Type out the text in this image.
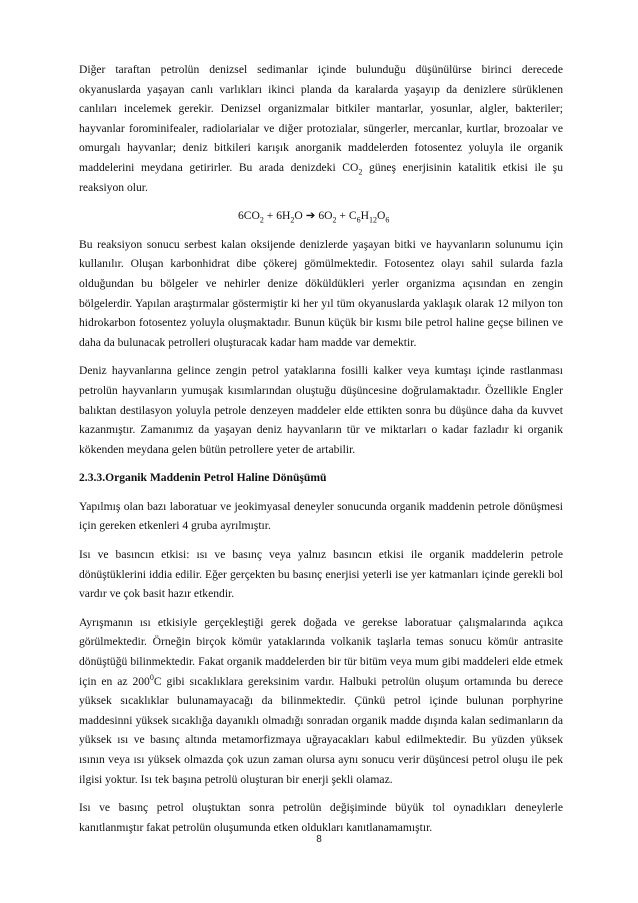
Diğer taraftan petrolün denizsel sedimanlar içinde bulunduğu düşünülürse birinci derecede okyanuslarda yaşayan canlı varlıkları ikinci planda da karalarda yaşayıp da denizlere sürüklenen canlıları incelemek gerekir. Denizsel organizmalar bitkiler mantarlar, yosunlar, algler, bakteriler; hayvanlar forominifealer, radiolarialar ve diğer protozialar, süngerler, mercanlar, kurtlar, brozoalar ve omurgalı hayvanlar; deniz bitkileri karışık anorganik maddelerden fotosentez yoluyla ile organik maddelerini meydana getirirler. Bu arada denizdeki $CO_2$ güneş enerjisinin katalitik etkisi ile şu reaksiyon olur.

$6CO_2 + 6H_2O$ ➔ $6O_2 + C_6H_{12}O_6$

Bu reaksiyon sonucu serbest kalan oksijende denizlerde yaşayan bitki ve hayvanların solunumu için kullanılır. Oluşan karbonhidrat dibe çökerej gömülmektedir. Fotosentez olayı sahil sularda fazla olduğundan bu bölgeler ve nehirler denize döküldükleri yerler organizma açısından en zengin bölgelerdir. Yapılan araştırmalar göstermiştir ki her yıl tüm okyanuslarda yaklaşık olarak 12 milyon ton hidrokarbon fotosentez yoluyla oluşmaktadır. Bunun küçük bir kısmı bile petrol haline geçse bilinen ve daha da bulunacak petrolleri oluşturacak kadar ham madde var demektir.

Deniz hayvanlarına gelince zengin petrol yataklarına fosilli kalker veya kumtaşı içinde rastlanması petrolün hayvanların yumuşak kısımlarından oluştuğu düşüncesine doğrulamaktadır. Özellikle Engler balıktan destilasyon yoluyla petrole denzeyen maddeler elde ettikten sonra bu düşünce daha da kuvvet kazanmıştır. Zamanımız da yaşayan deniz hayvanların tür ve miktarları o kadar fazladır ki organik kökenden meydana gelen bütün petrollere yeter de artabilir.

2.3.3.Organik Maddenin Petrol Haline Dönüşümü

Yapılmış olan bazı laboratuar ve jeokimyasal deneyler sonucunda organik maddenin petrole dönüşmesi için gereken etkenleri 4 gruba ayrılmıştır.

Isı ve basıncın etkisi: ısı ve basınç veya yalnız basıncın etkisi ile organik maddelerin petrole dönüştüklerini iddia edilir. Eğer gerçekten bu basınç enerjisi yeterli ise yer katmanları içinde gerekli bol vardır ve çok basit hazır etkendir.

Ayrışmanın ısı etkisiyle gerçekleştiği gerek doğada ve gerekse laboratuar çalışmalarında açıkca görülmektedir. Örneğin birçok kömür yataklarında volkanik taşlarla temas sonucu kömür antrasite dönüştüğü bilinmektedir. Fakat organik maddelerden bir tür bitüm veya mum gibi maddeleri elde etmek için en az $200^0C$ gibi sıcaklıklara gereksinim vardır. Halbuki petrolün oluşum ortamında bu derece yüksek sıcaklıklar bulunamayacağı da bilinmektedir. Çünkü petrol içinde bulunan porphyrine maddesinni yüksek sıcaklığa dayanıklı olmadığı sonradan organik madde dışında kalan sedimanların da yüksek ısı ve basınç altında metamorfizmaya uğrayacakları kabul edilmektedir. Bu yüzden yüksek ısının veya ısı yüksek olmazda çok uzun zaman olursa aynı sonucu verir düşüncesi petrol oluşu ile pek ilgisi yoktur. Isı tek başına petrolü oluşturan bir enerji şekli olamaz.

Isı ve basınç petrol oluştuktan sonra petrolün değişiminde büyük tol oynadıkları deneylerle kanıtlanmıştır fakat petrolün oluşumunda etken oldukları kanıtlanamamıştır.

8
